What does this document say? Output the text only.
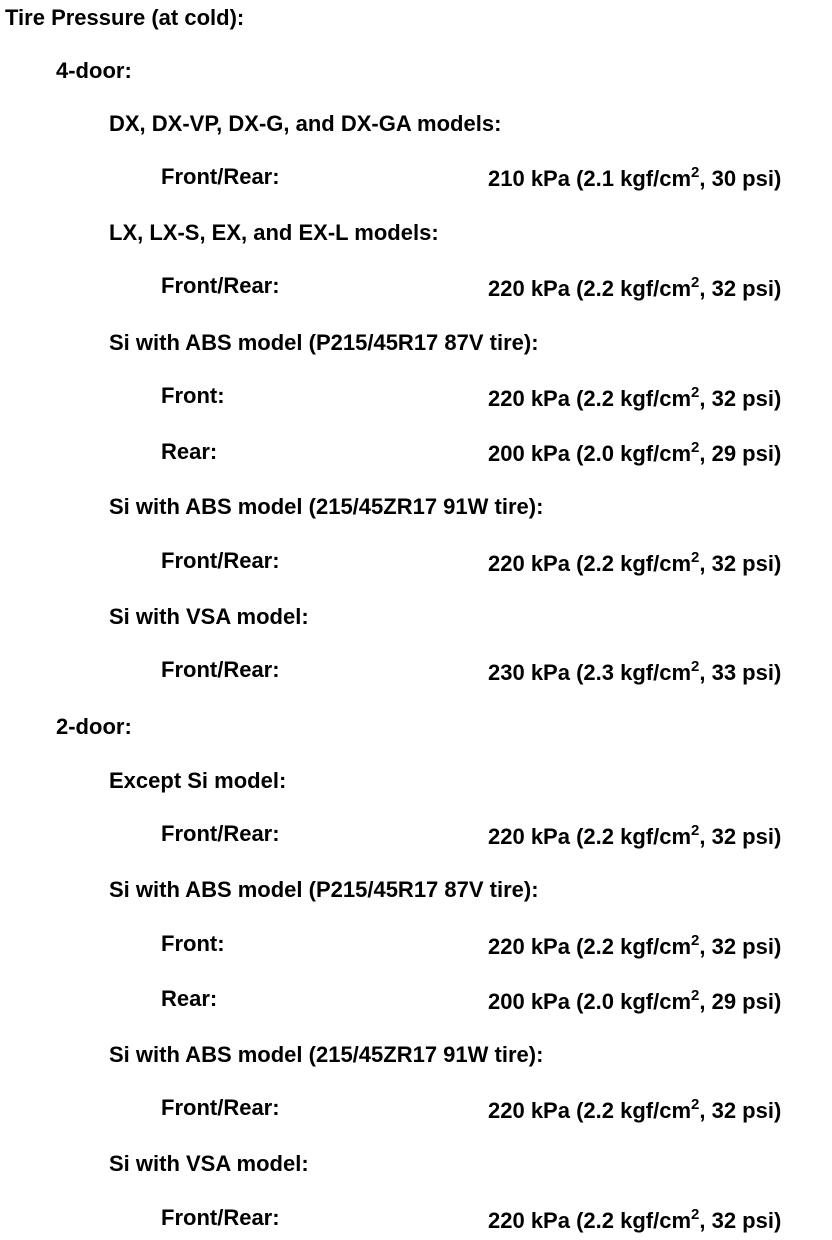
Tire Pressure (at cold):
4-door:
DX, DX-VP, DX-G, and DX-GA models:
Front/Rear:	210 kPa (2.1 kgf/$cm^2$, 30 psi)
LX, LX-S, EX, and EX-L models:
Front/Rear:	220 kPa (2.2 kgf/$cm^2$, 32 psi)
Si with ABS model (P215/45R17 87V tire):
Front:	220 kPa (2.2 kgf/$cm^2$, 32 psi)
Rear:	200 kPa (2.0 kgf/$cm^2$, 29 psi)
Si with ABS model (215/45ZR17 91W tire):
Front/Rear:	220 kPa (2.2 kgf/$cm^2$, 32 psi)
Si with VSA model:
Front/Rear:	230 kPa (2.3 kgf/$cm^2$, 33 psi)
2-door:
Except Si model:
Front/Rear:	220 kPa (2.2 kgf/$cm^2$, 32 psi)
Si with ABS model (P215/45R17 87V tire):
Front:	220 kPa (2.2 kgf/$cm^2$, 32 psi)
Rear:	200 kPa (2.0 kgf/$cm^2$, 29 psi)
Si with ABS model (215/45ZR17 91W tire):
Front/Rear:	220 kPa (2.2 kgf/$cm^2$, 32 psi)
Si with VSA model:
Front/Rear:	220 kPa (2.2 kgf/$cm^2$, 32 psi)
